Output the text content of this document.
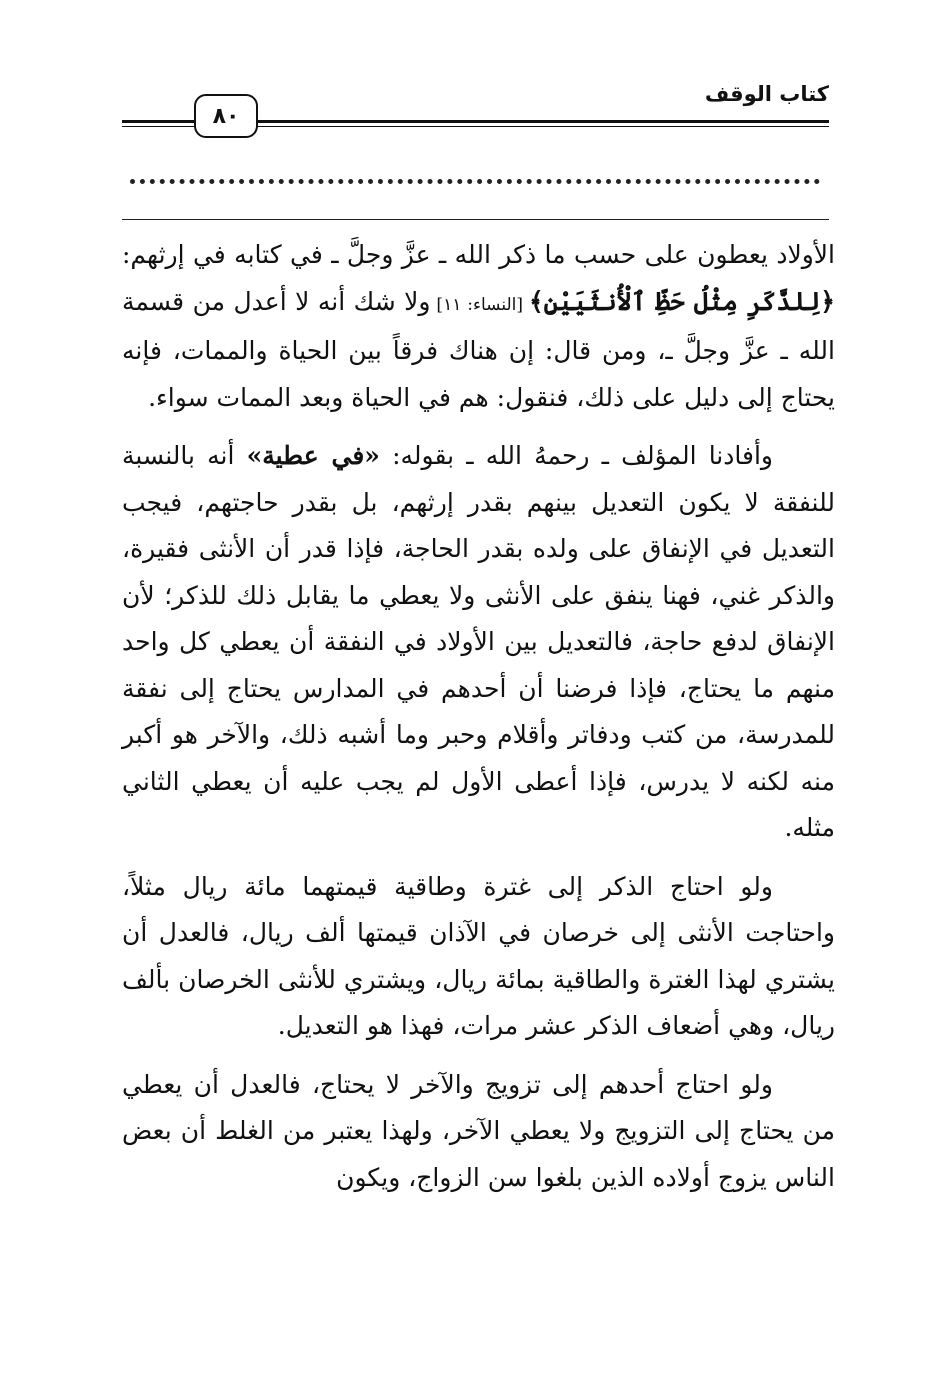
كتاب الوقف
٨٠

الأولاد يعطون على حسب ما ذكر الله ـ عزَّ وجلَّ ـ في كتابه في إرثهم: ﴿لِلذَّكَرِ مِثْلُ حَظِّ ٱلْأُنثَيَيْنِ﴾ [النساء: ١١] ولا شك أنه لا أعدل من قسمة الله ـ عزَّ وجلَّ ـ، ومن قال: إن هناك فرقاً بين الحياة والممات، فإنه يحتاج إلى دليل على ذلك، فنقول: هم في الحياة وبعد الممات سواء.

وأفادنا المؤلف ـ رحمهُ الله ـ بقوله: «في عطية» أنه بالنسبة للنفقة لا يكون التعديل بينهم بقدر إرثهم، بل بقدر حاجتهم، فيجب التعديل في الإنفاق على ولده بقدر الحاجة، فإذا قدر أن الأنثى فقيرة، والذكر غني، فهنا ينفق على الأنثى ولا يعطي ما يقابل ذلك للذكر؛ لأن الإنفاق لدفع حاجة، فالتعديل بين الأولاد في النفقة أن يعطي كل واحد منهم ما يحتاج، فإذا فرضنا أن أحدهم في المدارس يحتاج إلى نفقة للمدرسة، من كتب ودفاتر وأقلام وحبر وما أشبه ذلك، والآخر هو أكبر منه لكنه لا يدرس، فإذا أعطى الأول لم يجب عليه أن يعطي الثاني مثله.

ولو احتاج الذكر إلى غترة وطاقية قيمتهما مائة ريال مثلاً، واحتاجت الأنثى إلى خرصان في الآذان قيمتها ألف ريال، فالعدل أن يشتري لهذا الغترة والطاقية بمائة ريال، ويشتري للأنثى الخرصان بألف ريال، وهي أضعاف الذكر عشر مرات، فهذا هو التعديل.

ولو احتاج أحدهم إلى تزويج والآخر لا يحتاج، فالعدل أن يعطي من يحتاج إلى التزويج ولا يعطي الآخر، ولهذا يعتبر من الغلط أن بعض الناس يزوج أولاده الذين بلغوا سن الزواج، ويكون
